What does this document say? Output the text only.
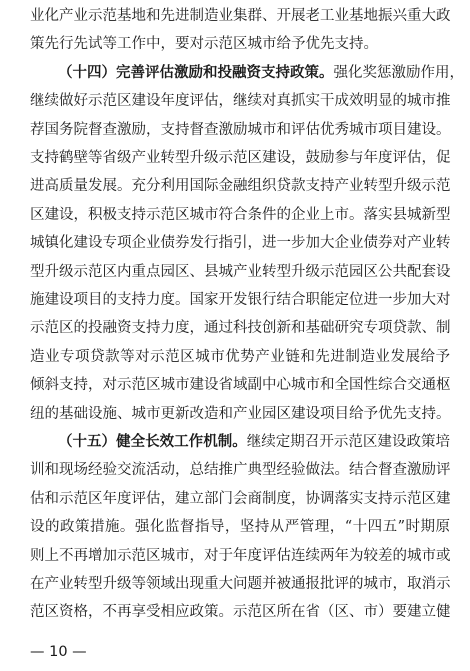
业化产业示范基地和先进制造业集群、开展老工业基地振兴重大政
策先行先试等工作中，要对示范区城市给予优先支持。
（十四）完善评估激励和投融资支持政策。强化奖惩激励作用，
继续做好示范区建设年度评估，继续对真抓实干成效明显的城市推
荐国务院督查激励，支持督查激励城市和评估优秀城市项目建设。
支持鹤壁等省级产业转型升级示范区建设，鼓励参与年度评估，促
进高质量发展。充分利用国际金融组织贷款支持产业转型升级示范
区建设，积极支持示范区城市符合条件的企业上市。落实县城新型
城镇化建设专项企业债券发行指引，进一步加大企业债券对产业转
型升级示范区内重点园区、县城产业转型升级示范园区公共配套设
施建设项目的支持力度。国家开发银行结合职能定位进一步加大对
示范区的投融资支持力度，通过科技创新和基础研究专项贷款、制
造业专项贷款等对示范区城市优势产业链和先进制造业发展给予
倾斜支持，对示范区城市建设省域副中心城市和全国性综合交通枢
纽的基础设施、城市更新改造和产业园区建设项目给予优先支持。
（十五）健全长效工作机制。继续定期召开示范区建设政策培
训和现场经验交流活动，总结推广典型经验做法。结合督查激励评
估和示范区年度评估，建立部门会商制度，协调落实支持示范区建
设的政策措施。强化监督指导，坚持从严管理，“十四五”时期原
则上不再增加示范区城市，对于年度评估连续两年为较差的城市或
在产业转型升级等领域出现重大问题并被通报批评的城市，取消示
范区资格，不再享受相应政策。示范区所在省（区、市）要建立健
— 10 —
